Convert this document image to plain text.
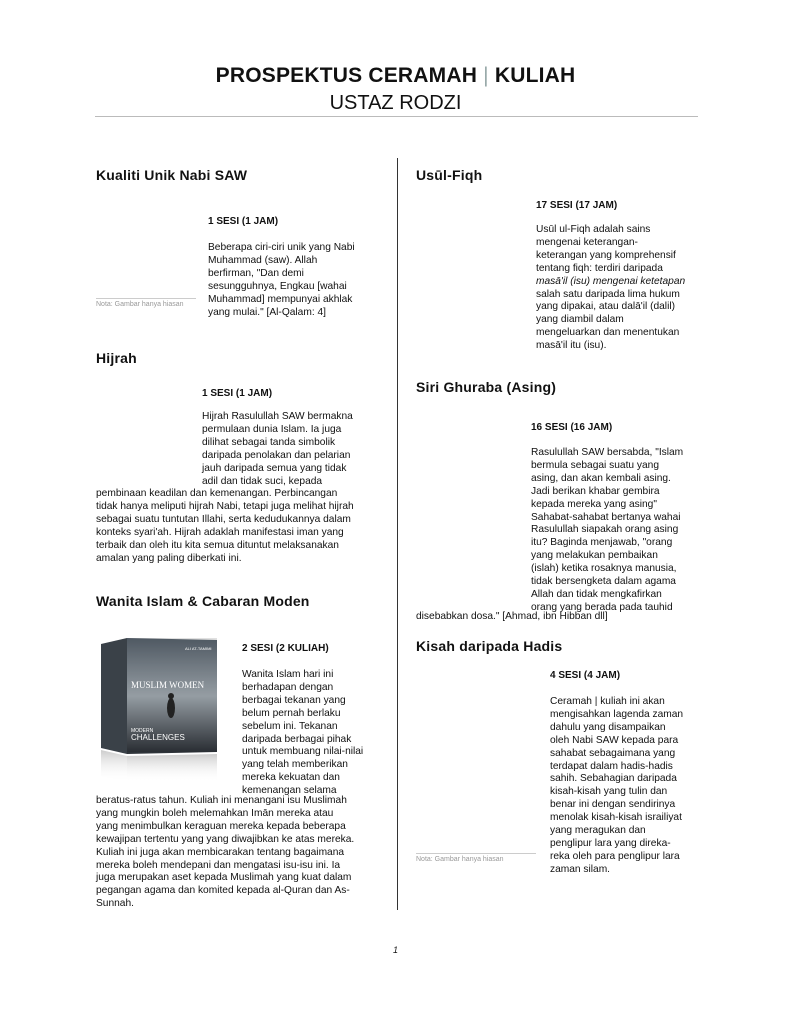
PROSPEKTUS CERAMAH | KULIAH
USTAZ RODZI
Kualiti Unik Nabi SAW
1 SESI (1 JAM)
Beberapa ciri-ciri unik yang Nabi
Muhammad (saw). Allah
berfirman, "Dan demi
sesungguhnya, Engkau [wahai
Muhammad] mempunyai akhlak
yang mulai." [Al-Qalam: 4]
Nota: Gambar hanya hiasan
Hijrah
1 SESI (1 JAM)
Hijrah Rasulullah SAW bermakna
permulaan dunia Islam. Ia juga
dilihat sebagai tanda simbolik
daripada penolakan dan pelarian
jauh daripada semua yang tidak
adil dan tidak suci, kepada
pembinaan keadilan dan kemenangan. Perbincangan
tidak hanya meliputi hijrah Nabi, tetapi juga melihat hijrah
sebagai suatu tuntutan Illahi, serta kedudukannya dalam
konteks syari'ah. Hijrah adaklah manifestasi iman yang
terbaik dan oleh itu kita semua dituntut melaksanakan
amalan yang paling diberkati ini.
Wanita Islam & Cabaran Moden
ALI AT-TAMIMI
MUSLIM WOMEN
MODERN
CHALLENGES
2 SESI (2 KULIAH)
Wanita Islam hari ini
berhadapan dengan
berbagai tekanan yang
belum pernah berlaku
sebelum ini. Tekanan
daripada berbagai pihak
untuk membuang nilai-nilai
yang telah memberikan
mereka kekuatan dan
kemenangan selama
beratus-ratus tahun. Kuliah ini menangani isu Muslimah
yang mungkin boleh melemahkan Imān mereka atau
yang menimbulkan keraguan mereka kepada beberapa
kewajipan tertentu yang yang diwajibkan ke atas mereka.
Kuliah ini juga akan membicarakan tentang bagaimana
mereka boleh mendepani dan mengatasi isu-isu ini. Ia
juga merupakan aset kepada Muslimah yang kuat dalam
pegangan agama dan komited kepada al-Quran dan As-
Sunnah.
Usūl-Fiqh
17 SESI (17 JAM)
Usūl ul-Fiqh adalah sains
mengenai keterangan-
keterangan yang komprehensif
tentang fiqh: terdiri daripada
masā'il (isu) mengenai ketetapan
salah satu daripada lima hukum
yang dipakai, atau dalā'il (dalil)
yang diambil dalam
mengeluarkan dan menentukan
masā'il itu (isu).
Siri Ghuraba (Asing)
16 SESI (16 JAM)
Rasulullah SAW bersabda, "Islam
bermula sebagai suatu yang
asing, dan akan kembali asing.
Jadi berikan khabar gembira
kepada mereka yang asing"
Sahabat-sahabat bertanya wahai
Rasulullah siapakah orang asing
itu? Baginda menjawab, "orang
yang melakukan pembaikan
(islah) ketika rosaknya manusia,
tidak bersengketa dalam agama
Allah dan tidak mengkafirkan
orang yang berada pada tauhid
disebabkan dosa." [Ahmad, ibn Hibban dll]
Kisah daripada Hadis
4 SESI (4 JAM)
Ceramah | kuliah ini akan
mengisahkan lagenda zaman
dahulu yang disampaikan
oleh Nabi SAW kepada para
sahabat sebagaimana yang
terdapat dalam hadis-hadis
sahih. Sebahagian daripada
kisah-kisah yang tulin dan
benar ini dengan sendirinya
menolak kisah-kisah israiliyat
yang meragukan dan
penglipur lara yang direka-
reka oleh para penglipur lara
zaman silam.
Nota: Gambar hanya hiasan
1
